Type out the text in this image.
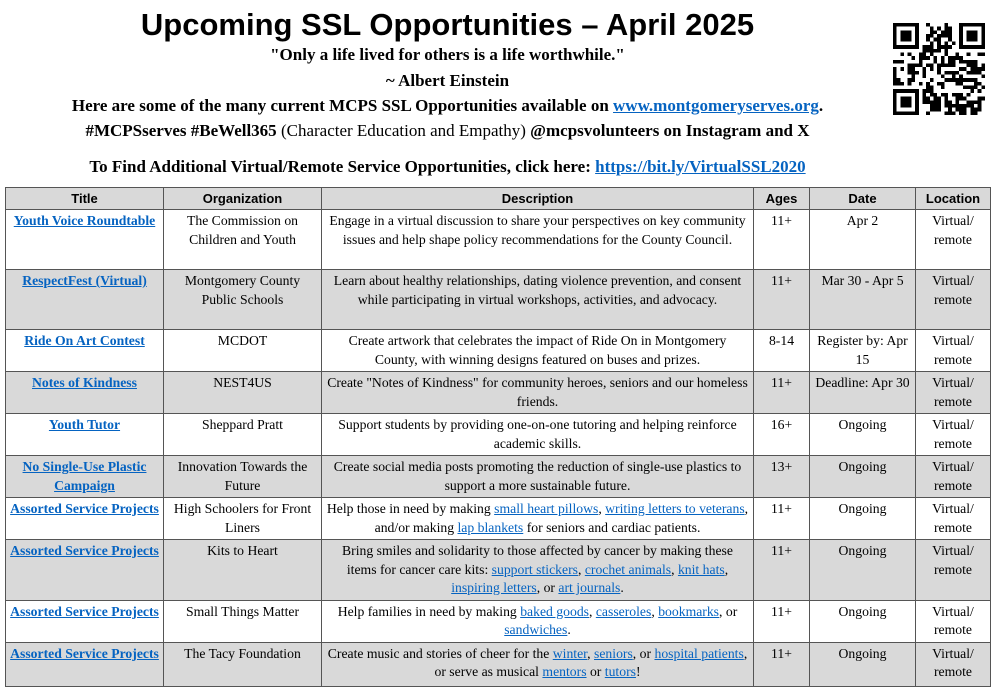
Upcoming SSL Opportunities – April 2025
"Only a life lived for others is a life worthwhile."
~ Albert Einstein
Here are some of the many current MCPS SSL Opportunities available on www.montgomeryserves.org.
#MCPSserves #BeWell365 (Character Education and Empathy) @mcpsvolunteers on Instagram and X
To Find Additional Virtual/Remote Service Opportunities, click here: https://bit.ly/VirtualSSL2020
Title	Organization	Description	Ages	Date	Location
Youth Voice Roundtable	The Commission on Children and Youth	Engage in a virtual discussion to share your perspectives on key community issues and help shape policy recommendations for the County Council.	11+	Apr 2	Virtual/ remote
RespectFest (Virtual)	Montgomery County Public Schools	Learn about healthy relationships, dating violence prevention, and consent while participating in virtual workshops, activities, and advocacy.	11+	Mar 30 - Apr 5	Virtual/ remote
Ride On Art Contest	MCDOT	Create artwork that celebrates the impact of Ride On in Montgomery County, with winning designs featured on buses and prizes.	8-14	Register by: Apr 15	Virtual/ remote
Notes of Kindness	NEST4US	Create "Notes of Kindness" for community heroes, seniors and our homeless friends.	11+	Deadline: Apr 30	Virtual/ remote
Youth Tutor	Sheppard Pratt	Support students by providing one-on-one tutoring and helping reinforce academic skills.	16+	Ongoing	Virtual/ remote
No Single-Use Plastic Campaign	Innovation Towards the Future	Create social media posts promoting the reduction of single-use plastics to support a more sustainable future.	13+	Ongoing	Virtual/ remote
Assorted Service Projects	High Schoolers for Front Liners	Help those in need by making small heart pillows, writing letters to veterans, and/or making lap blankets for seniors and cardiac patients.	11+	Ongoing	Virtual/ remote
Assorted Service Projects	Kits to Heart	Bring smiles and solidarity to those affected by cancer by making these items for cancer care kits: support stickers, crochet animals, knit hats, inspiring letters, or art journals.	11+	Ongoing	Virtual/ remote
Assorted Service Projects	Small Things Matter	Help families in need by making baked goods, casseroles, bookmarks, or sandwiches.	11+	Ongoing	Virtual/ remote
Assorted Service Projects	The Tacy Foundation	Create music and stories of cheer for the winter, seniors, or hospital patients, or serve as musical mentors or tutors!	11+	Ongoing	Virtual/ remote
